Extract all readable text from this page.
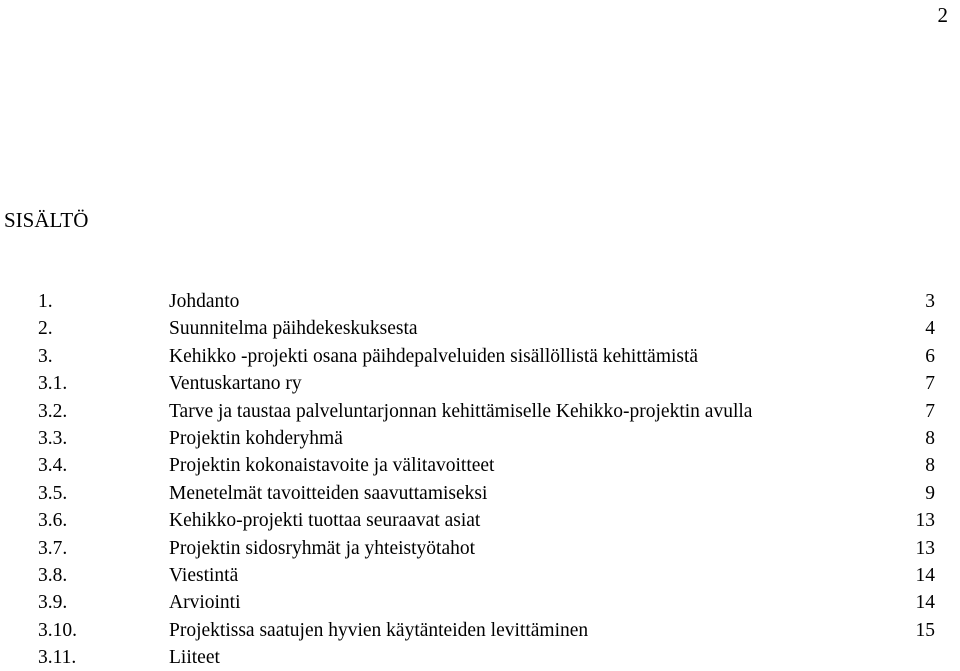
2
SISÄLTÖ
1.	Johdanto	3
2.	Suunnitelma päihdekeskuksesta	4
3.	Kehikko -projekti osana päihdepalveluiden sisällöllistä kehittämistä	6
3.1.	Ventuskartano ry	7
3.2.	Tarve ja taustaa palveluntarjonnan kehittämiselle Kehikko-projektin avulla	7
3.3.	Projektin kohderyhmä	8
3.4.	Projektin kokonaistavoite ja välitavoitteet	8
3.5.	Menetelmät tavoitteiden saavuttamiseksi	9
3.6.	Kehikko-projekti tuottaa seuraavat asiat	13
3.7.	Projektin sidosryhmät ja yhteistyötahot	13
3.8.	Viestintä	14
3.9.	Arviointi	14
3.10.	Projektissa saatujen hyvien käytänteiden levittäminen	15
3.11.	Liiteet
